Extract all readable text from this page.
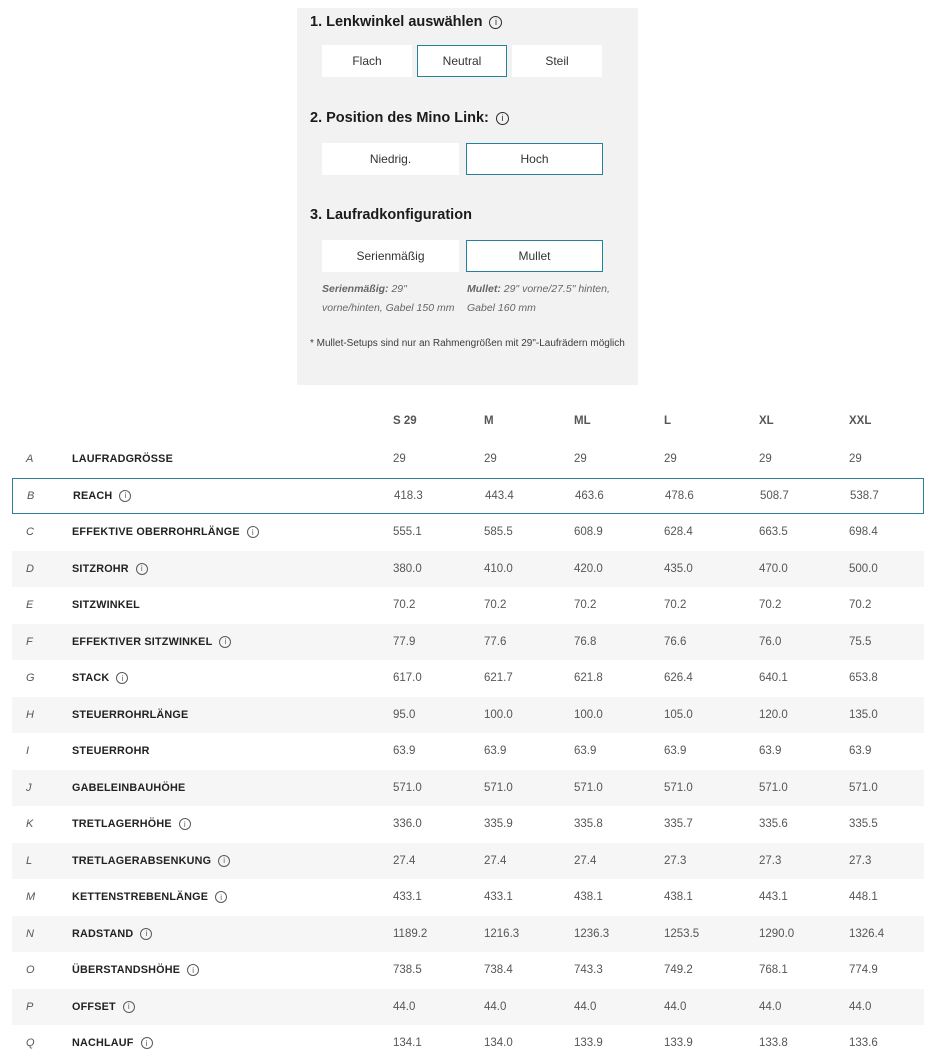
1. Lenkwinkel auswählen	i
Flach	Neutral	Steil
2. Position des Mino Link:	i
Niedrig.	Hoch
3. Laufradkonfiguration
Serienmäßig	Mullet

Serienmäßig: 29" vorne/hinten, Gabel 150 mm

Mullet: 29" vorne/27.5" hinten, Gabel 160 mm

* Mullet-Setups sind nur an Rahmengrößen mit 29"-Laufrädern möglich

S 29	M	ML	L	XL	XXL
A	LAUFRADGRÖSSE	29	29	29	29	29	29
B	REACH	i	418.3	443.4	463.6	478.6	508.7	538.7
C	EFFEKTIVE OBERROHRLÄNGE	i	555.1	585.5	608.9	628.4	663.5	698.4
D	SITZROHR	i	380.0	410.0	420.0	435.0	470.0	500.0
E	SITZWINKEL	70.2	70.2	70.2	70.2	70.2	70.2
F	EFFEKTIVER SITZWINKEL	i	77.9	77.6	76.8	76.6	76.0	75.5
G	STACK	i	617.0	621.7	621.8	626.4	640.1	653.8
H	STEUERROHRLÄNGE	95.0	100.0	100.0	105.0	120.0	135.0
I	STEUERROHR	63.9	63.9	63.9	63.9	63.9	63.9
J	GABELEINBAUHÖHE	571.0	571.0	571.0	571.0	571.0	571.0
K	TRETLAGERHÖHE	i	336.0	335.9	335.8	335.7	335.6	335.5
L	TRETLAGERABSENKUNG	i	27.4	27.4	27.4	27.3	27.3	27.3
M	KETTENSTREBENLÄNGE	i	433.1	433.1	438.1	438.1	443.1	448.1
N	RADSTAND	i	1189.2	1216.3	1236.3	1253.5	1290.0	1326.4
O	ÜBERSTANDSHÖHE	i	738.5	738.4	743.3	749.2	768.1	774.9
P	OFFSET	i	44.0	44.0	44.0	44.0	44.0	44.0
Q	NACHLAUF	i	134.1	134.0	133.9	133.9	133.8	133.6
